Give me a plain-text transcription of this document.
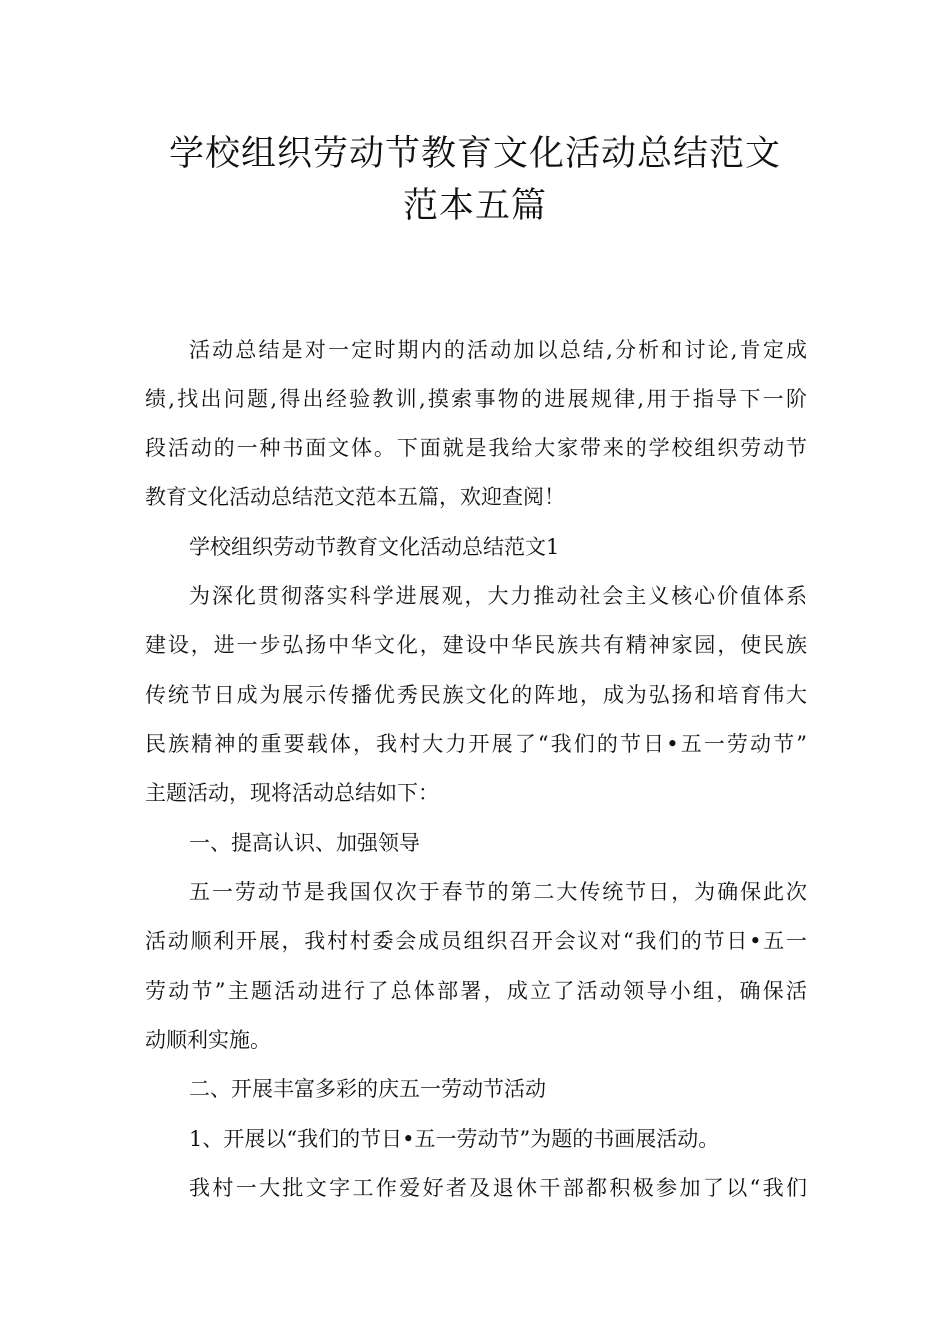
学校组织劳动节教育文化活动总结范文
范本五篇
活动总结是对一定时期内的活动加以总结,分析和讨论,肯定成
绩,找出问题,得出经验教训,摸索事物的进展规律,用于指导下一阶
段活动的一种书面文体。下面就是我给大家带来的学校组织劳动节
教育文化活动总结范文范本五篇，欢迎查阅！
学校组织劳动节教育文化活动总结范文1
为深化贯彻落实科学进展观，大力推动社会主义核心价值体系
建设，进一步弘扬中华文化，建设中华民族共有精神家园，使民族
传统节日成为展示传播优秀民族文化的阵地，成为弘扬和培育伟大
民族精神的重要载体，我村大力开展了“我们的节日•五一劳动节”
主题活动，现将活动总结如下：
一、提高认识、加强领导
五一劳动节是我国仅次于春节的第二大传统节日，为确保此次
活动顺利开展，我村村委会成员组织召开会议对“我们的节日•五一
劳动节”主题活动进行了总体部署，成立了活动领导小组，确保活
动顺利实施。
二、开展丰富多彩的庆五一劳动节活动
1、开展以“我们的节日•五一劳动节”为题的书画展活动。
我村一大批文字工作爱好者及退休干部都积极参加了以“我们
